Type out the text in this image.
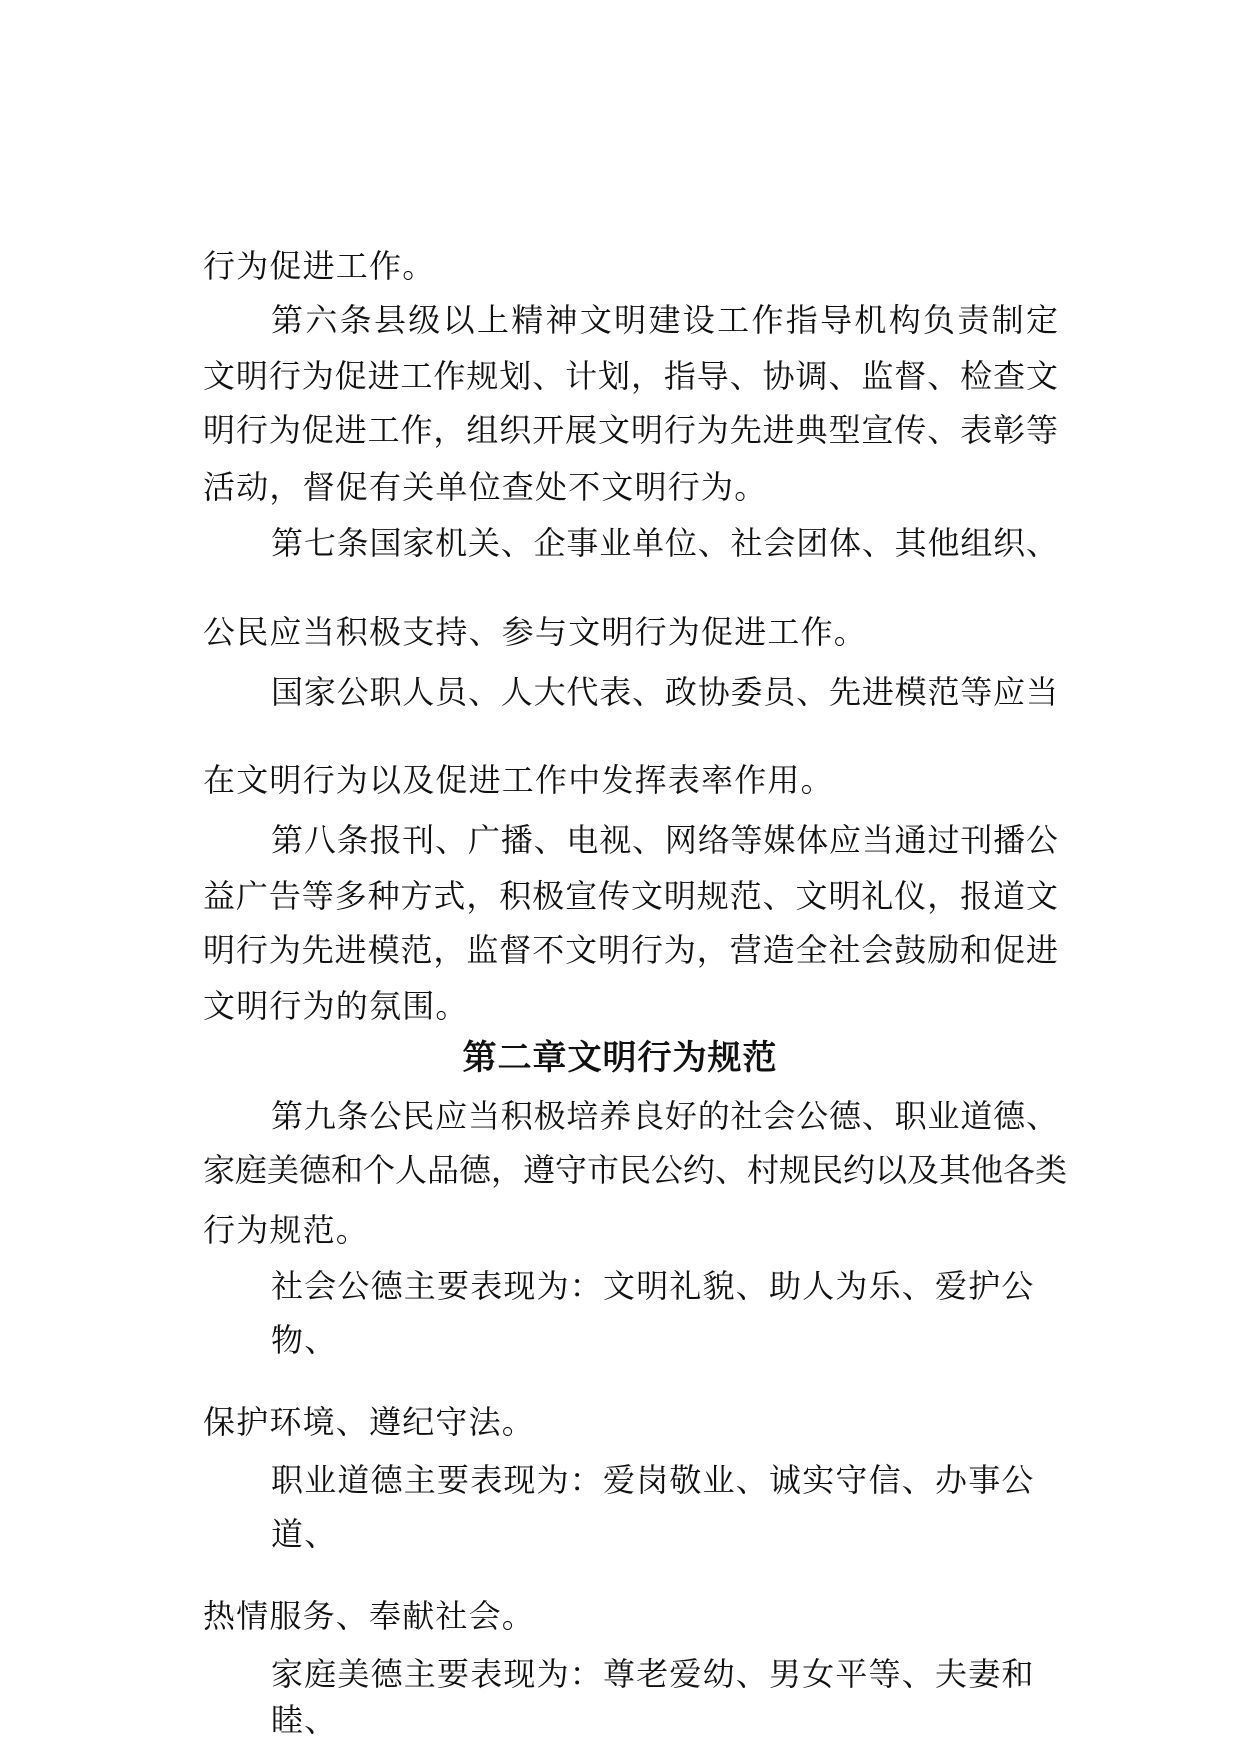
行为促进工作。
第六条县级以上精神文明建设工作指导机构负责制定
文明行为促进工作规划、计划，指导、协调、监督、检查文
明行为促进工作，组织开展文明行为先进典型宣传、表彰等
活动，督促有关单位查处不文明行为。
第七条国家机关、企事业单位、社会团体、其他组织、
公民应当积极支持、参与文明行为促进工作。
国家公职人员、人大代表、政协委员、先进模范等应当
在文明行为以及促进工作中发挥表率作用。
第八条报刊、广播、电视、网络等媒体应当通过刊播公
益广告等多种方式，积极宣传文明规范、文明礼仪，报道文
明行为先进模范，监督不文明行为，营造全社会鼓励和促进
文明行为的氛围。
第二章文明行为规范
第九条公民应当积极培养良好的社会公德、职业道德、
家庭美德和个人品德，遵守市民公约、村规民约以及其他各类
行为规范。
社会公德主要表现为：文明礼貌、助人为乐、爱护公
物、
保护环境、遵纪守法。
职业道德主要表现为：爱岗敬业、诚实守信、办事公
道、
热情服务、奉献社会。
家庭美德主要表现为：尊老爱幼、男女平等、夫妻和
睦、
